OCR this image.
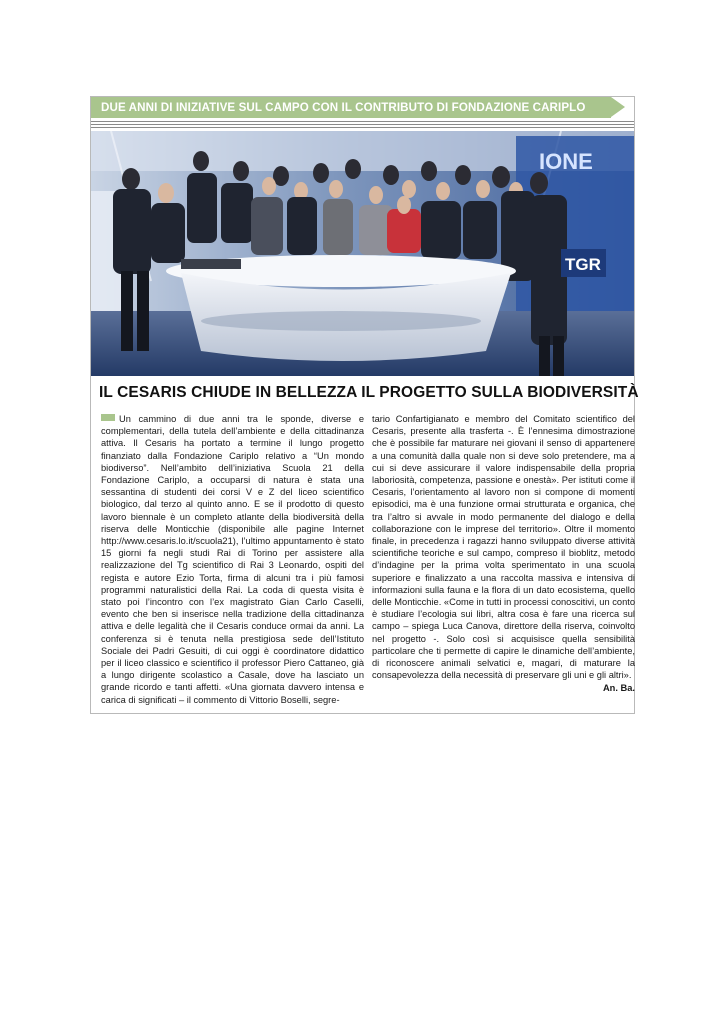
DUE ANNI DI INIZIATIVE SUL CAMPO CON IL CONTRIBUTO DI FONDAZIONE CARIPLO
IONE
TGR
IL CESARIS CHIUDE IN BELLEZZA IL PROGETTO SULLA BIODIVERSITÀ
Un cammino di due anni tra le sponde, diverse e complementari, della tutela dell’ambiente e della cittadinanza attiva. Il Cesaris ha portato a termine il lungo progetto finanziato dalla Fondazione Cariplo relativo a “Un mondo biodiverso”. Nell’ambito dell’iniziativa Scuola 21 della Fondazione Cariplo, a occuparsi di natura è stata una sessantina di studenti dei corsi V e Z del liceo scientifico biologico, dal terzo al quinto anno. E se il prodotto di questo lavoro biennale è un completo atlante della biodiversità della riserva delle Monticchie (disponibile alle pagine Internet http://www.cesaris.lo.it/scuola21), l’ultimo appuntamento è stato 15 giorni fa negli studi Rai di Torino per assistere alla realizzazione del Tg scientifico di Rai 3 Leonardo, ospiti del regista e autore Ezio Torta, firma di alcuni tra i più famosi programmi naturalistici della Rai. La coda di questa visita è stato poi l’incontro con l’ex magistrato Gian Carlo Caselli, evento che ben si inserisce nella tradizione della cittadinanza attiva e delle legalità che il Cesaris conduce ormai da anni. La conferenza si è tenuta nella prestigiosa sede dell’Istituto Sociale dei Padri Gesuiti, di cui oggi è coordinatore didattico per il liceo classico e scientifico il professor Piero Cattaneo, già a lungo dirigente scolastico a Casale, dove ha lasciato un grande ricordo e tanti affetti. «Una giornata davvero intensa e carica di significati – il commento di Vittorio Boselli, segre-
tario Confartigianato e membro del Comitato scientifico del Cesaris, presente alla trasferta -. È l’ennesima dimostrazione che è possibile far maturare nei giovani il senso di appartenere a una comunità dalla quale non si deve solo pretendere, ma a cui si deve assicurare il valore indispensabile della propria laboriosità, competenza, passione e onestà». Per istituti come il Cesaris, l’orientamento al lavoro non si compone di momenti episodici, ma è una funzione ormai strutturata e organica, che tra l’altro si avvale in modo permanente del dialogo e della collaborazione con le imprese del territorio». Oltre il momento finale, in precedenza i ragazzi hanno sviluppato diverse attività scientifiche teoriche e sul campo, compreso il bioblitz, metodo d’indagine per la prima volta sperimentato in una scuola superiore e finalizzato a una raccolta massiva e intensiva di informazioni sulla fauna e la flora di un dato ecosistema, quello delle Monticchie. «Come in tutti in processi conoscitivi, un conto è studiare l’ecologia sui libri, altra cosa è fare una ricerca sul campo – spiega Luca Canova, direttore della riserva, coinvolto nel progetto -. Solo così si acquisisce quella sensibilità particolare che ti permette di capire le dinamiche dell’ambiente, di riconoscere animali selvatici e, magari, di maturare la consapevolezza della necessità di preservare gli uni e gli altri».
An. Ba.
